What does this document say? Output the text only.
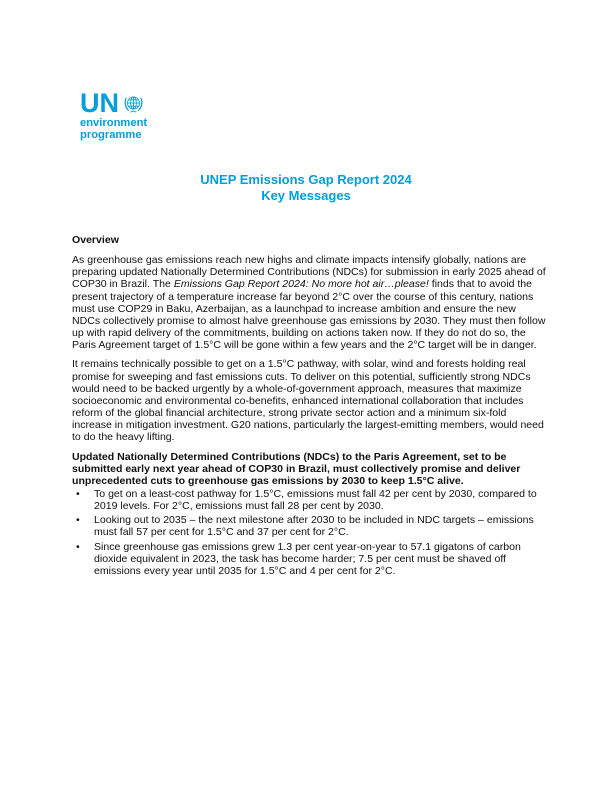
UN
environment
programme
UNEP Emissions Gap Report 2024
Key Messages
Overview

As greenhouse gas emissions reach new highs and climate impacts intensify globally, nations are preparing updated Nationally Determined Contributions (NDCs) for submission in early 2025 ahead of COP30 in Brazil. The Emissions Gap Report 2024: No more hot air…please! finds that to avoid the present trajectory of a temperature increase far beyond 2°C over the course of this century, nations must use COP29 in Baku, Azerbaijan, as a launchpad to increase ambition and ensure the new NDCs collectively promise to almost halve greenhouse gas emissions by 2030. They must then follow up with rapid delivery of the commitments, building on actions taken now. If they do not do so, the Paris Agreement target of 1.5°C will be gone within a few years and the 2°C target will be in danger.

It remains technically possible to get on a 1.5°C pathway, with solar, wind and forests holding real promise for sweeping and fast emissions cuts. To deliver on this potential, sufficiently strong NDCs would need to be backed urgently by a whole-of-government approach, measures that maximize socioeconomic and environmental co-benefits, enhanced international collaboration that includes reform of the global financial architecture, strong private sector action and a minimum six-fold increase in mitigation investment. G20 nations, particularly the largest-emitting members, would need to do the heavy lifting.

Updated Nationally Determined Contributions (NDCs) to the Paris Agreement, set to be submitted early next year ahead of COP30 in Brazil, must collectively promise and deliver unprecedented cuts to greenhouse gas emissions by 2030 to keep 1.5°C alive.

• To get on a least-cost pathway for 1.5°C, emissions must fall 42 per cent by 2030, compared to 2019 levels. For 2°C, emissions must fall 28 per cent by 2030.
• Looking out to 2035 – the next milestone after 2030 to be included in NDC targets – emissions must fall 57 per cent for 1.5°C and 37 per cent for 2°C.
• Since greenhouse gas emissions grew 1.3 per cent year-on-year to 57.1 gigatons of carbon dioxide equivalent in 2023, the task has become harder; 7.5 per cent must be shaved off emissions every year until 2035 for 1.5°C and 4 per cent for 2°C.
